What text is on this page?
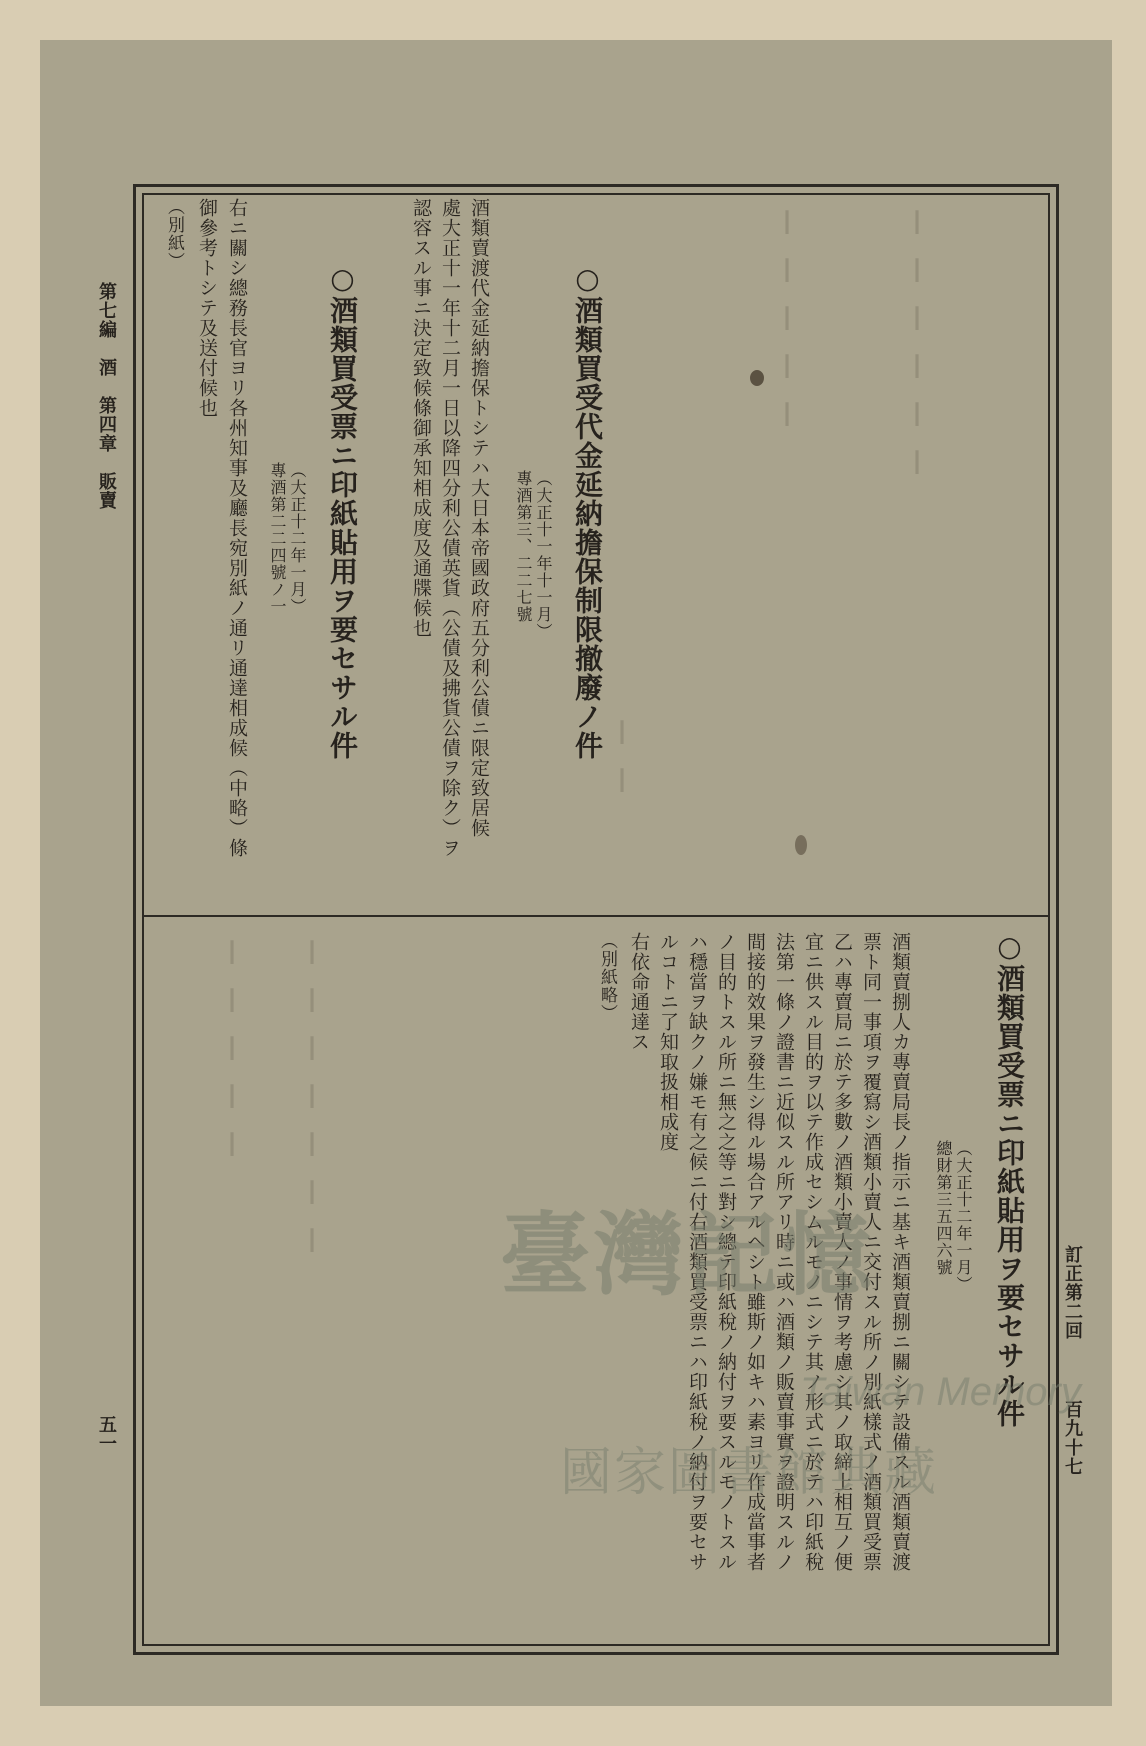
┃ ┃ ┃ ┃ ┃ ┃
┃ ┃ ┃ ┃ ┃
┃ ┃
┃ ┃ ┃ ┃ ┃ ┃ ┃
┃ ┃ ┃ ┃ ┃
第七編　酒　第四章　販賣
訂正第二回
百九十七
五一
○酒類買受代金延納擔保制限撤廢ノ件
（大正十一年十一月）
專酒第三、二二七號
酒類賣渡代金延納擔保トシテハ大日本帝國政府五分利公債ニ限定致居候
處大正十一年十二月一日以降四分利公債英貨（公債及拂貨公債ヲ除ク）ヲ
認容スル事ニ決定致候條御承知相成度及通牒候也
○酒類買受票ニ印紙貼用ヲ要セサル件
（大正十二年一月）
專酒第二二四號ノ一
右ニ關シ總務長官ヨリ各州知事及廳長宛別紙ノ通リ通達相成候（中略）條
御參考トシテ及送付候也
（別紙）
○酒類買受票ニ印紙貼用ヲ要セサル件
（大正十二年一月）
總財第三五四六號
酒類賣捌人カ專賣局長ノ指示ニ基キ酒類賣捌ニ關シテ設備スル酒類賣渡
票ト同一事項ヲ覆寫シ酒類小賣人ニ交付スル所ノ別紙樣式ノ酒類買受票
乙ハ專賣局ニ於テ多數ノ酒類小賣人ノ事情ヲ考慮シ其ノ取締上相互ノ便
宜ニ供スル目的ヲ以テ作成セシムルモノニシテ其ノ形式ニ於テハ印紙稅
法第一條ノ證書ニ近似スル所アリ時ニ或ハ酒類ノ販賣事實ヲ證明スルノ
間接的效果ヲ發生シ得ル場合アルヘシト雖斯ノ如キハ素ヨリ作成當事者
ノ目的トスル所ニ無之之等ニ對シ總テ印紙稅ノ納付ヲ要スルモノトスル
ハ穩當ヲ缺クノ嫌モ有之候ニ付右酒類買受票ニハ印紙稅ノ納付ヲ要セサ
ルコトニ了知取扱相成度
右依命通達ス
（別紙略）
臺灣記憶
Taiwan Memory
國家圖書館典藏
